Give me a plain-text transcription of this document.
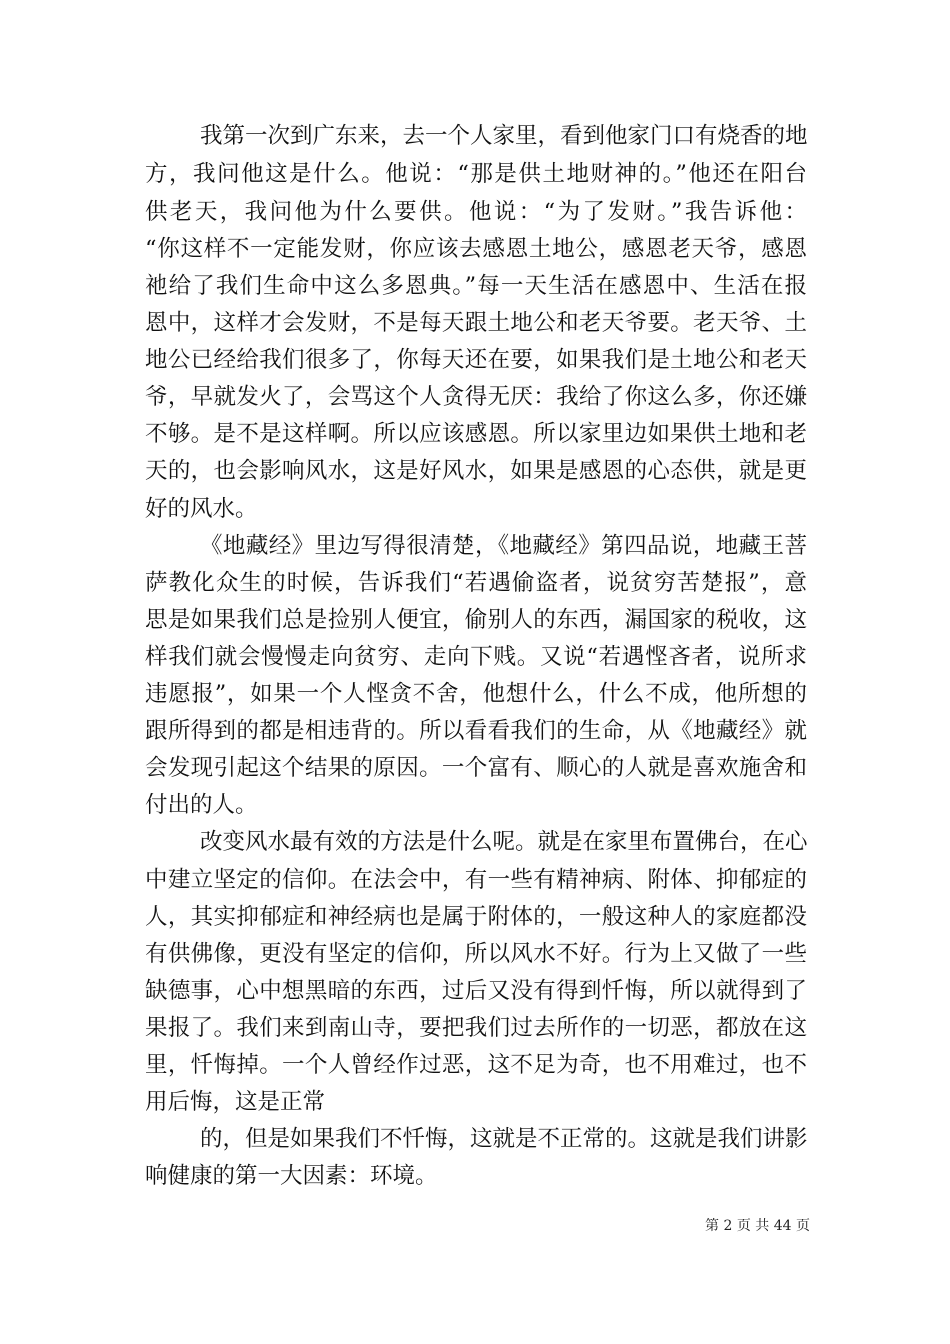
我第一次到广东来，去一个人家里，看到他家门口有烧香的地
方，我问他这是什么。他说：“那是供土地财神的。”他还在阳台
供老天，我问他为什么要供。他说：“为了发财。”我告诉他：
“你这样不一定能发财，你应该去感恩土地公，感恩老天爷，感恩
祂给了我们生命中这么多恩典。”每一天生活在感恩中、生活在报
恩中，这样才会发财，不是每天跟土地公和老天爷要。老天爷、土
地公已经给我们很多了，你每天还在要，如果我们是土地公和老天
爷，早就发火了，会骂这个人贪得无厌：我给了你这么多，你还嫌
不够。是不是这样啊。所以应该感恩。所以家里边如果供土地和老
天的，也会影响风水，这是好风水，如果是感恩的心态供，就是更
好的风水。
《地藏经》里边写得很清楚，《地藏经》第四品说，地藏王菩
萨教化众生的时候，告诉我们“若遇偷盗者，说贫穷苦楚报”，意
思是如果我们总是捡别人便宜，偷别人的东西，漏国家的税收，这
样我们就会慢慢走向贫穷、走向下贱。又说“若遇悭吝者，说所求
违愿报”，如果一个人悭贪不舍，他想什么，什么不成，他所想的
跟所得到的都是相违背的。所以看看我们的生命，从《地藏经》就
会发现引起这个结果的原因。一个富有、顺心的人就是喜欢施舍和
付出的人。
改变风水最有效的方法是什么呢。就是在家里布置佛台，在心
中建立坚定的信仰。在法会中，有一些有精神病、附体、抑郁症的
人，其实抑郁症和神经病也是属于附体的，一般这种人的家庭都没
有供佛像，更没有坚定的信仰，所以风水不好。行为上又做了一些
缺德事，心中想黑暗的东西，过后又没有得到忏悔，所以就得到了
果报了。我们来到南山寺，要把我们过去所作的一切恶，都放在这
里，忏悔掉。一个人曾经作过恶，这不足为奇，也不用难过，也不
用后悔，这是正常
的，但是如果我们不忏悔，这就是不正常的。这就是我们讲影
响健康的第一大因素：环境。
第 2 页 共 44 页
